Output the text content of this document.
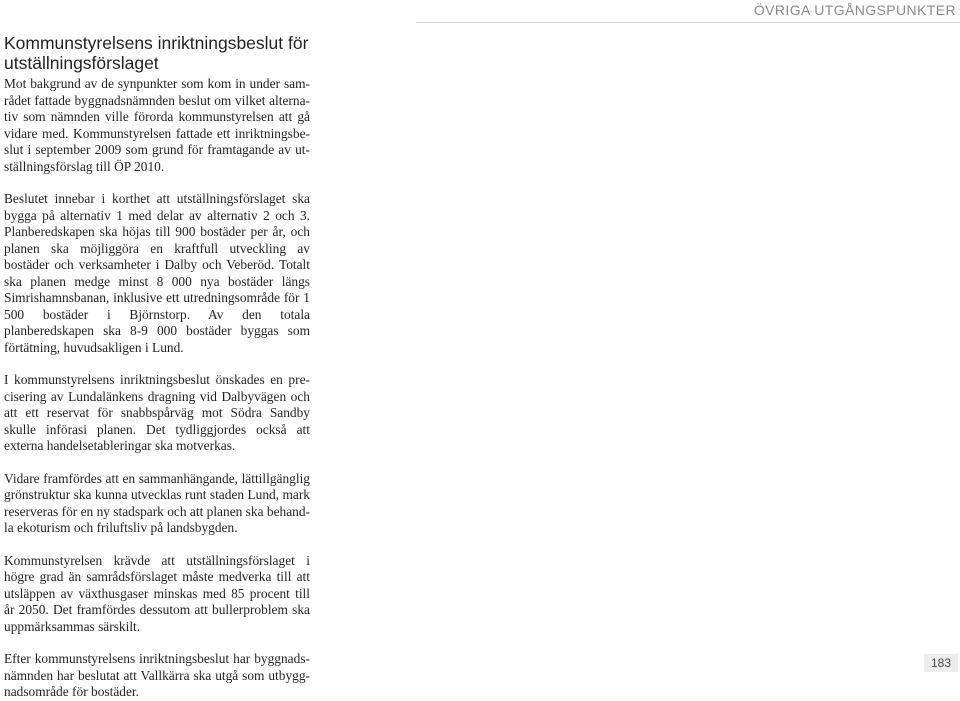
ÖVRIGA UTGÅNGSPUNKTER
Kommunstyrelsens inriktningsbeslut för utställningsförslaget

Mot bakgrund av de synpunkter som kom in under samrådet fattade byggnadsnämnden beslut om vilket alternativ som nämnden ville förorda kommunstyrelsen att gå vidare med. Kommunstyrelsen fattade ett inriktningsbeslut i september 2009 som grund för framtagande av utställningsförslag till ÖP 2010.

Beslutet innebar i korthet att utställningsförslaget ska bygga på alternativ 1 med delar av alternativ 2 och 3. Planberedskapen ska höjas till 900 bostäder per år, och planen ska möjliggöra en kraftfull utveckling av bostäder och verksamheter i Dalby och Veberöd. Totalt ska planen medge minst 8 000 nya bostäder längs Simrishamnsbanan, inklusive ett utredningsområde för 1 500 bostäder i Björnstorp. Av den totala planberedskapen ska 8-9 000 bostäder byggas som förtätning, huvudsakligen i Lund.

I kommunstyrelsens inriktningsbeslut önskades en precisering av Lundalänkens dragning vid Dalbyvägen och att ett reservat för snabbspårväg mot Södra Sandby skulle införasi planen. Det tydliggjordes också att externa handelsetableringar ska motverkas.

Vidare framfördes att en sammanhängande, lättillgänglig grönstruktur ska kunna utvecklas runt staden Lund, mark reserveras för en ny stadspark och att planen ska behandla ekoturism och friluftsliv på landsbygden.

Kommunstyrelsen krävde att utställningsförslaget i högre grad än samrådsförslaget måste medverka till att utsläppen av växthusgaser minskas med 85 procent till år 2050. Det framfördes dessutom att bullerproblem ska uppmärksammas särskilt.

Efter kommunstyrelsens inriktningsbeslut har byggnadsnämnden har beslutat att Vallkärra ska utgå som utbyggnadsområde för bostäder.

183
